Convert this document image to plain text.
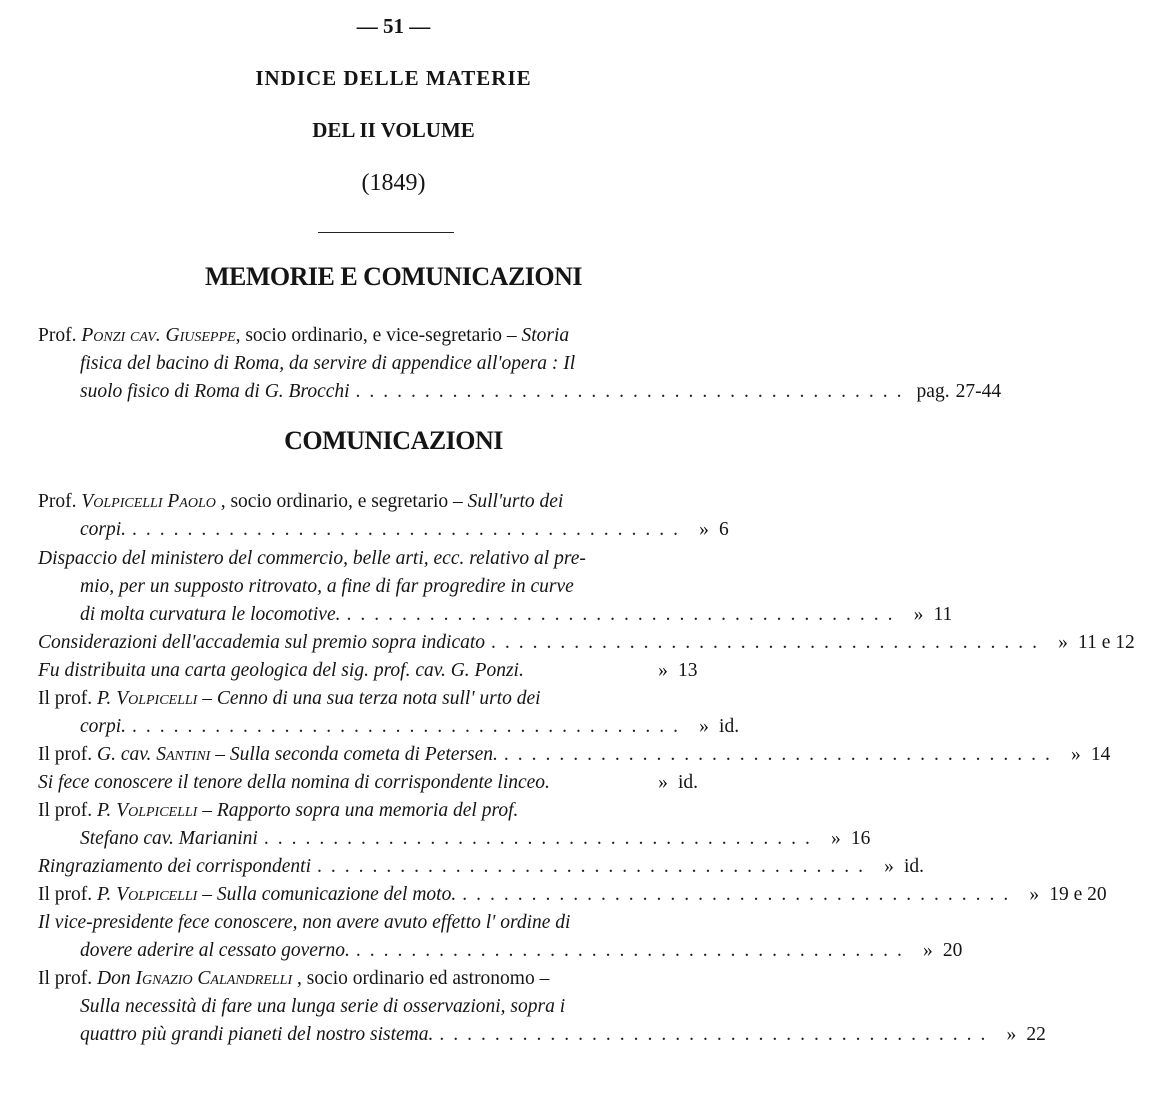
— 51 —
INDICE DELLE MATERIE
DEL II VOLUME
(1849)
MEMORIE E COMUNICAZIONI
Prof. Ponzi cav. Giuseppe, socio ordinario, e vice-segretario – Storia
fisica del bacino di Roma, da servire di appendice all'opera : Il
suolo fisico di Roma di G. Brocchi ........................................ pag. 27-44
COMUNICAZIONI
Prof. Volpicelli Paolo , socio ordinario, e segretario – Sull'urto dei
corpi. ........................................ » 6
Dispaccio del ministero del commercio, belle arti, ecc. relativo al pre-
mio, per un supposto ritrovato, a fine di far progredire in curve
di molta curvatura le locomotive. ........................................ » 11
Considerazioni dell'accademia sul premio sopra indicato ........................................ » 11 e 12
Fu distribuita una carta geologica del sig. prof. cav. G. Ponzi.	» 13
Il prof. P. Volpicelli – Cenno di una sua terza nota sull' urto dei
corpi. ........................................ » id.
Il prof. G. cav. Santini – Sulla seconda cometa di Petersen. ........................................ » 14
Si fece conoscere il tenore della nomina di corrispondente linceo.	» id.
Il prof. P. Volpicelli – Rapporto sopra una memoria del prof.
Stefano cav. Marianini ........................................ » 16
Ringraziamento dei corrispondenti ........................................ » id.
Il prof. P. Volpicelli – Sulla comunicazione del moto. ........................................ » 19 e 20
Il vice-presidente fece conoscere, non avere avuto effetto l' ordine di
dovere aderire al cessato governo. ........................................ » 20
Il prof. Don Ignazio Calandrelli , socio ordinario ed astronomo –
Sulla necessità di fare una lunga serie di osservazioni, sopra i
quattro più grandi pianeti del nostro sistema. ........................................ » 22
